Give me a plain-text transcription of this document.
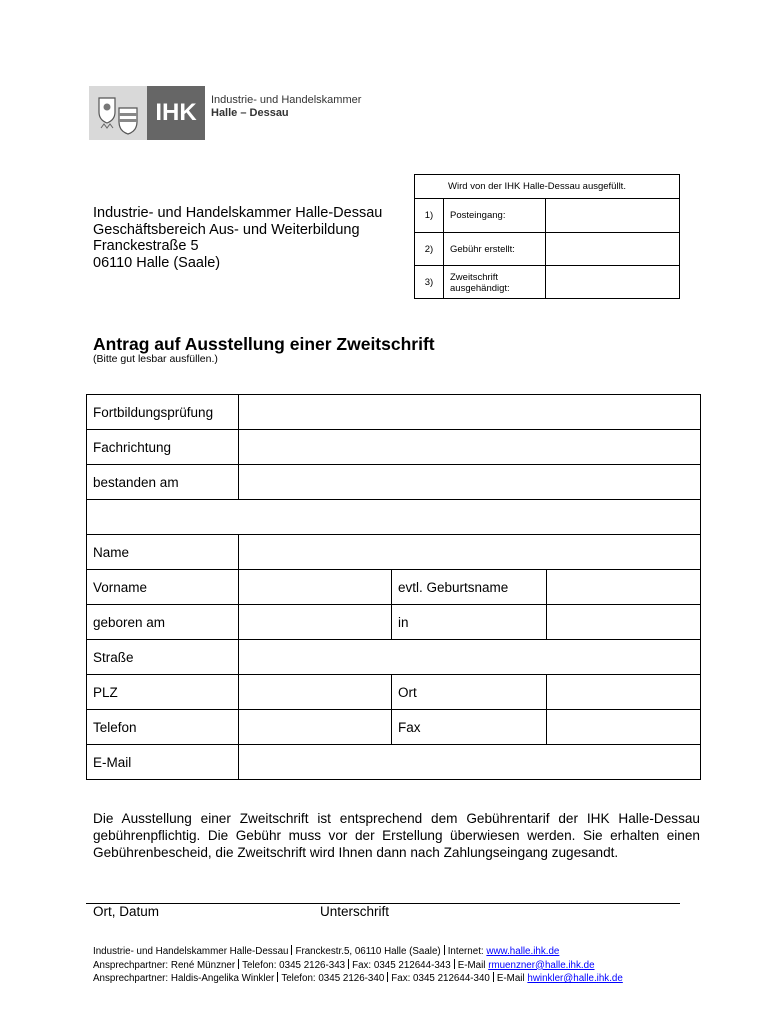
IHK	Industrie- und Handelskammer
Halle – Dessau
Industrie- und Handelskammer Halle-Dessau
Geschäftsbereich Aus- und Weiterbildung
Franckestraße 5
06110 Halle (Saale)
Wird von der IHK Halle-Dessau ausgefüllt.
1)	Posteingang:
2)	Gebühr erstellt:
3)	Zweitschrift ausgehändigt:
Antrag auf Ausstellung einer Zweitschrift
(Bitte gut lesbar ausfüllen.)
Fortbildungsprüfung
Fachrichtung
bestanden am
Name
Vorname	evtl. Geburtsname
geboren am	in
Straße
PLZ	Ort
Telefon	Fax
E-Mail
Die Ausstellung einer Zweitschrift ist entsprechend dem Gebührentarif der IHK Halle-Dessau gebührenpflichtig. Die Gebühr muss vor der Erstellung überwiesen werden. Sie erhalten einen Gebührenbescheid, die Zweitschrift wird Ihnen dann nach Zahlungseingang zugesandt.
Ort, Datum	Unterschrift
Industrie- und Handelskammer Halle-Dessau Franckestr.5, 06110 Halle (Saale) Internet: www.halle.ihk.de
Ansprechpartner: René Münzner Telefon: 0345 2126-343 Fax: 0345 212644-343 E-Mail rmuenzner@halle.ihk.de
Ansprechpartner: Haldis-Angelika Winkler Telefon: 0345 2126-340 Fax: 0345 212644-340 E-Mail hwinkler@halle.ihk.de
